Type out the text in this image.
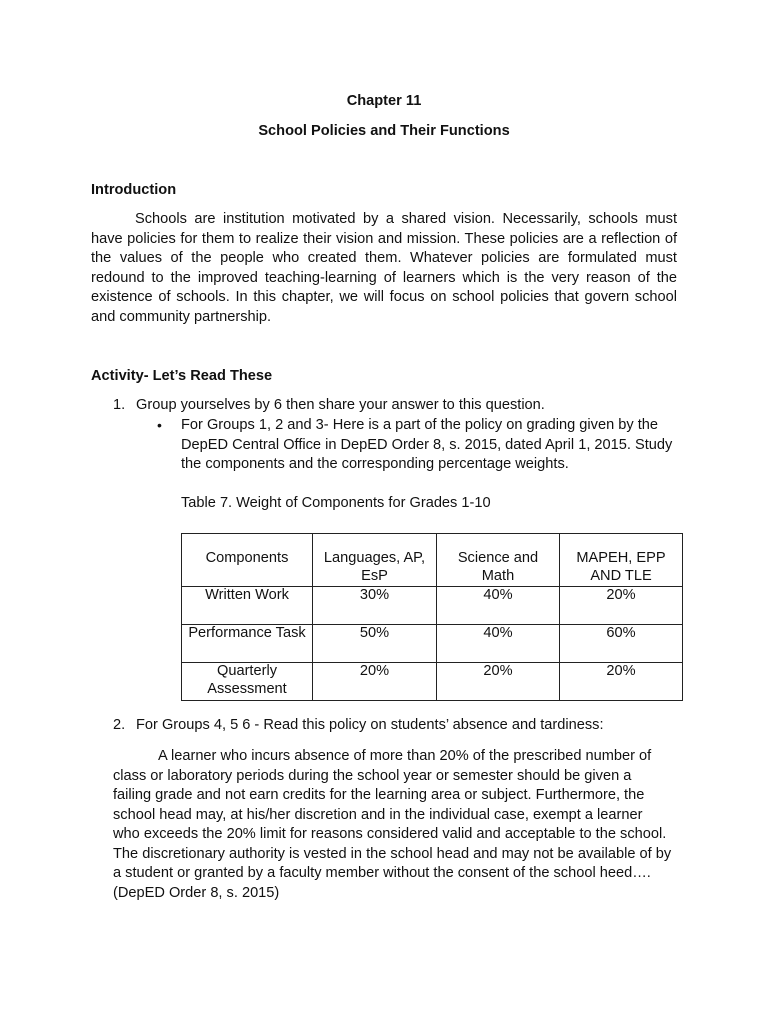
Chapter 11
School Policies and Their Functions
Introduction

Schools are institution motivated by a shared vision. Necessarily, schools must have policies for them to realize their vision and mission. These policies are a reflection of the values of the people who created them. Whatever policies are formulated must redound to the improved teaching-learning of learners which is the very reason of the existence of schools. In this chapter, we will focus on school policies that govern school and community partnership.

Activity- Let’s Read These
1. Group yourselves by 6 then share your answer to this question.
• For Groups 1, 2 and 3- Here is a part of the policy on grading given by the DepED Central Office in DepED Order 8, s. 2015, dated April 1, 2015. Study the components and the corresponding percentage weights.

Table 7. Weight of Components for Grades 1-10
Components	Languages, AP, EsP	Science and Math	MAPEH, EPP AND TLE
Written Work	30%	40%	20%
Performance Task	50%	40%	60%
Quarterly Assessment	20%	20%	20%
2. For Groups 4, 5 6 - Read this policy on students’ absence and tardiness:

A learner who incurs absence of more than 20% of the prescribed number of class or laboratory periods during the school year or semester should be given a failing grade and not earn credits for the learning area or subject. Furthermore, the school head may, at his/her discretion and in the individual case, exempt a learner who exceeds the 20% limit for reasons considered valid and acceptable to the school. The discretionary authority is vested in the school head and may not be available of by a student or granted by a faculty member without the consent of the school heed…. (DepED Order 8, s. 2015)
